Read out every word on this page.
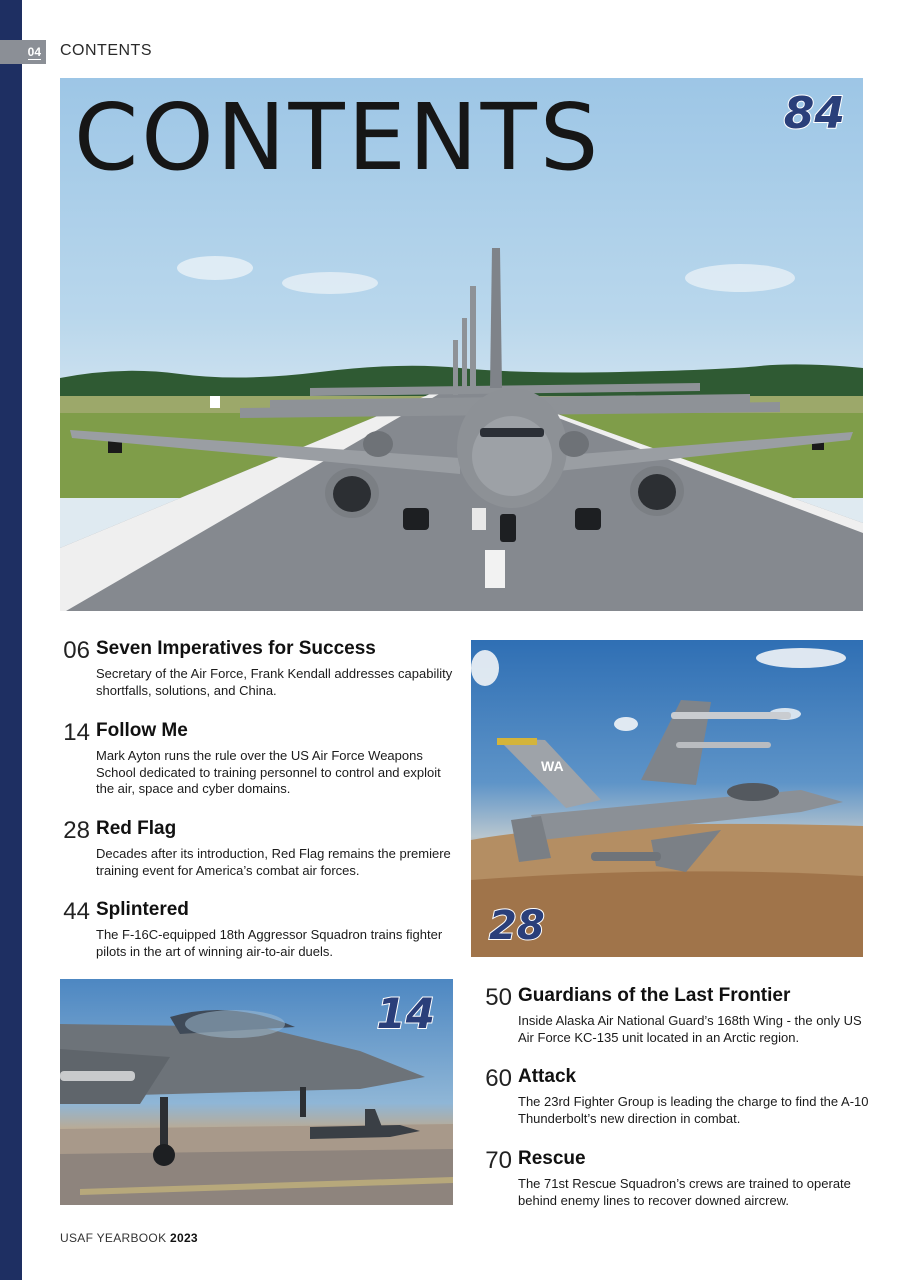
04	CONTENTS
CONTENTS	84
06 Seven Imperatives for Success
Secretary of the Air Force, Frank Kendall addresses capability shortfalls, solutions, and China.
14 Follow Me
Mark Ayton runs the rule over the US Air Force Weapons School dedicated to training personnel to control and exploit the air, space and cyber domains.
28 Red Flag
Decades after its introduction, Red Flag remains the premiere training event for America’s combat air forces.
44 Splintered
The F-16C-equipped 18th Aggressor Squadron trains fighter pilots in the art of winning air-to-air duels.
WA
28
14 50 Guardians of the Last Frontier
Inside Alaska Air National Guard’s 168th Wing - the only US Air Force KC-135 unit located in an Arctic region.
60 Attack
The 23rd Fighter Group is leading the charge to find the A-10 Thunderbolt’s new direction in combat.
70 Rescue
The 71st Rescue Squadron’s crews are trained to operate behind enemy lines to recover downed aircrew.
USAF YEARBOOK 2023
